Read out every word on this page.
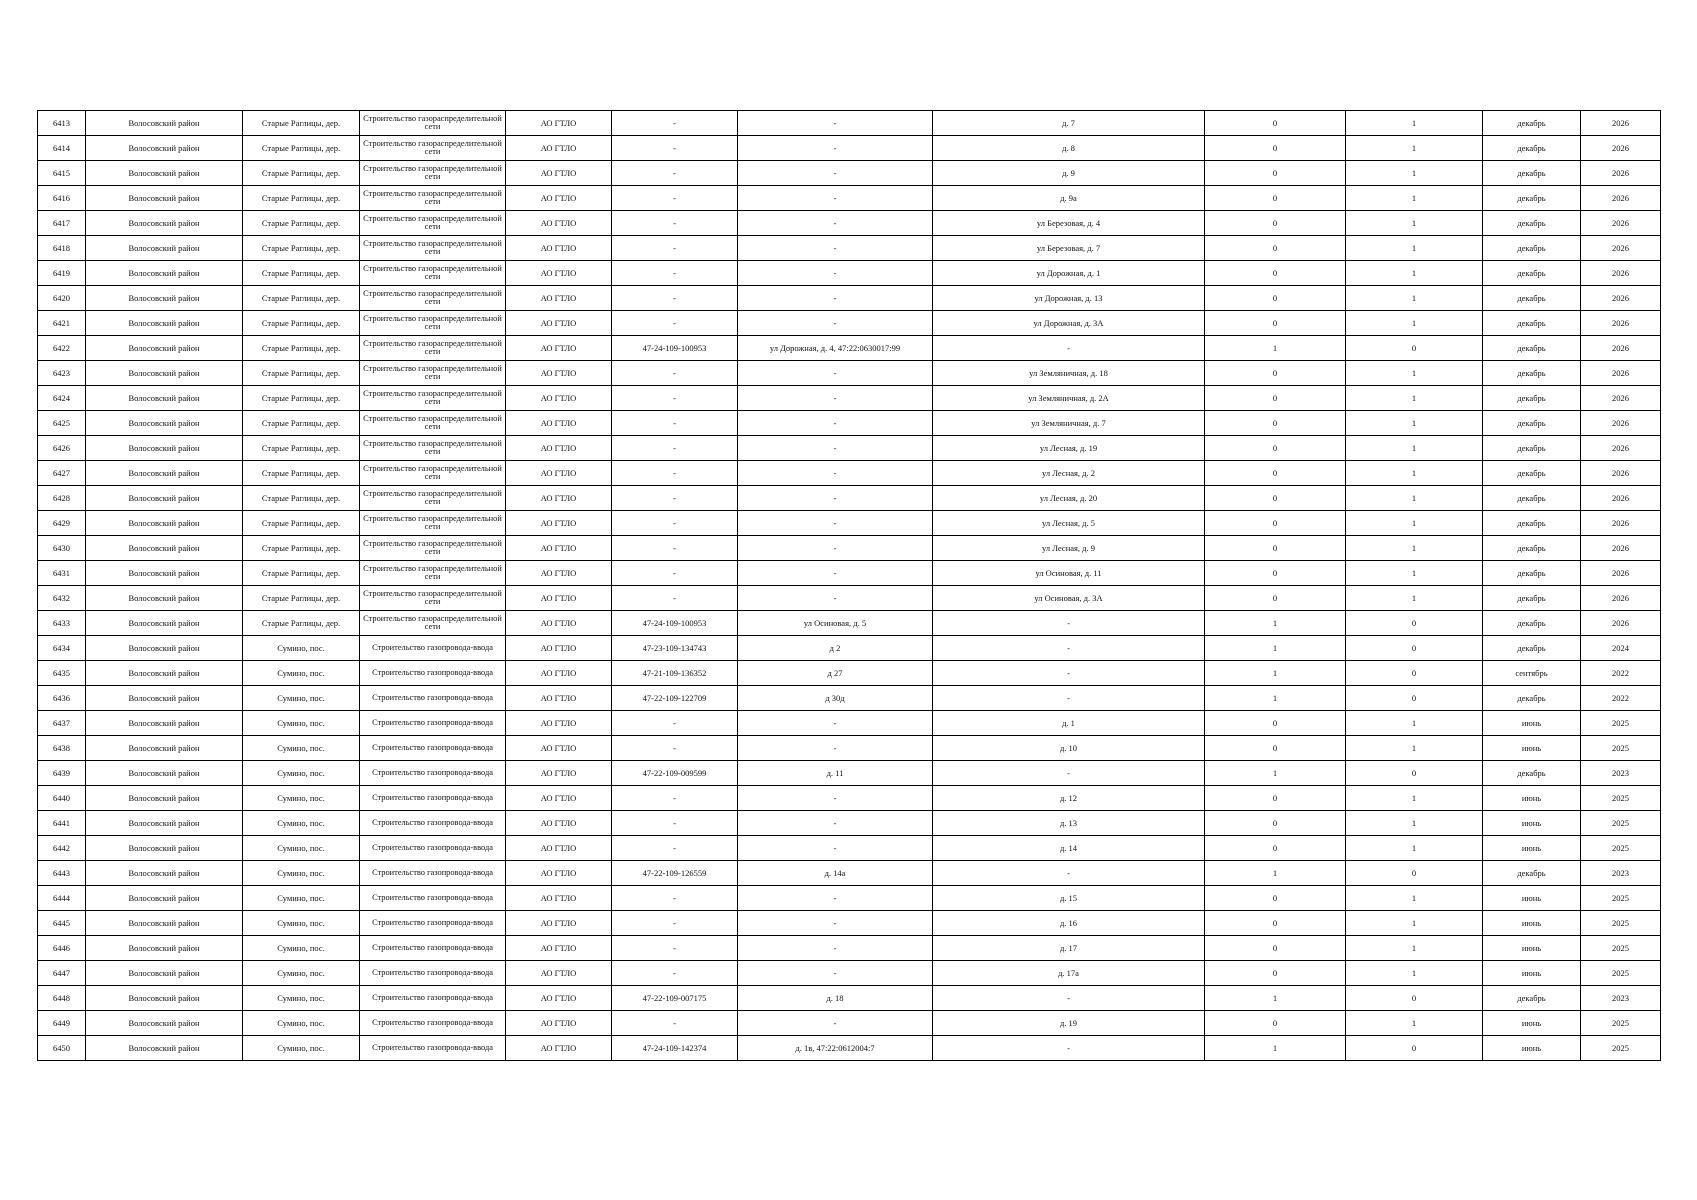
6413	Волосовский район	Старые Раглицы, дер.	Строительство газораспределительной сети	АО ГТЛО	-	-	д. 7	0	1	декабрь	2026
6414	Волосовский район	Старые Раглицы, дер.	Строительство газораспределительной сети	АО ГТЛО	-	-	д. 8	0	1	декабрь	2026
6415	Волосовский район	Старые Раглицы, дер.	Строительство газораспределительной сети	АО ГТЛО	-	-	д. 9	0	1	декабрь	2026
6416	Волосовский район	Старые Раглицы, дер.	Строительство газораспределительной сети	АО ГТЛО	-	-	д. 9а	0	1	декабрь	2026
6417	Волосовский район	Старые Раглицы, дер.	Строительство газораспределительной сети	АО ГТЛО	-	-	ул Березовая, д. 4	0	1	декабрь	2026
6418	Волосовский район	Старые Раглицы, дер.	Строительство газораспределительной сети	АО ГТЛО	-	-	ул Березовая, д. 7	0	1	декабрь	2026
6419	Волосовский район	Старые Раглицы, дер.	Строительство газораспределительной сети	АО ГТЛО	-	-	ул Дорожная, д. 1	0	1	декабрь	2026
6420	Волосовский район	Старые Раглицы, дер.	Строительство газораспределительной сети	АО ГТЛО	-	-	ул Дорожная, д. 13	0	1	декабрь	2026
6421	Волосовский район	Старые Раглицы, дер.	Строительство газораспределительной сети	АО ГТЛО	-	-	ул Дорожная, д. 3А	0	1	декабрь	2026
6422	Волосовский район	Старые Раглицы, дер.	Строительство газораспределительной сети	АО ГТЛО	47-24-109-100953	ул Дорожная, д. 4, 47:22:0630017:99	-	1	0	декабрь	2026
6423	Волосовский район	Старые Раглицы, дер.	Строительство газораспределительной сети	АО ГТЛО	-	-	ул Земляничная, д. 18	0	1	декабрь	2026
6424	Волосовский район	Старые Раглицы, дер.	Строительство газораспределительной сети	АО ГТЛО	-	-	ул Земляничная, д. 2А	0	1	декабрь	2026
6425	Волосовский район	Старые Раглицы, дер.	Строительство газораспределительной сети	АО ГТЛО	-	-	ул Земляничная, д. 7	0	1	декабрь	2026
6426	Волосовский район	Старые Раглицы, дер.	Строительство газораспределительной сети	АО ГТЛО	-	-	ул Лесная, д. 19	0	1	декабрь	2026
6427	Волосовский район	Старые Раглицы, дер.	Строительство газораспределительной сети	АО ГТЛО	-	-	ул Лесная, д. 2	0	1	декабрь	2026
6428	Волосовский район	Старые Раглицы, дер.	Строительство газораспределительной сети	АО ГТЛО	-	-	ул Лесная, д. 20	0	1	декабрь	2026
6429	Волосовский район	Старые Раглицы, дер.	Строительство газораспределительной сети	АО ГТЛО	-	-	ул Лесная, д. 5	0	1	декабрь	2026
6430	Волосовский район	Старые Раглицы, дер.	Строительство газораспределительной сети	АО ГТЛО	-	-	ул Лесная, д. 9	0	1	декабрь	2026
6431	Волосовский район	Старые Раглицы, дер.	Строительство газораспределительной сети	АО ГТЛО	-	-	ул Осиновая, д. 11	0	1	декабрь	2026
6432	Волосовский район	Старые Раглицы, дер.	Строительство газораспределительной сети	АО ГТЛО	-	-	ул Осиновая, д. 3А	0	1	декабрь	2026
6433	Волосовский район	Старые Раглицы, дер.	Строительство газораспределительной сети	АО ГТЛО	47-24-109-100953	ул Осиновая, д. 5	-	1	0	декабрь	2026
6434	Волосовский район	Сумино, пос.	Строительство газопровода-ввода	АО ГТЛО	47-23-109-134743	д 2	-	1	0	декабрь	2024
6435	Волосовский район	Сумино, пос.	Строительство газопровода-ввода	АО ГТЛО	47-21-109-136352	д 27	-	1	0	сентябрь	2022
6436	Волосовский район	Сумино, пос.	Строительство газопровода-ввода	АО ГТЛО	47-22-109-122709	д 30д	-	1	0	декабрь	2022
6437	Волосовский район	Сумино, пос.	Строительство газопровода-ввода	АО ГТЛО	-	-	д. 1	0	1	июнь	2025
6438	Волосовский район	Сумино, пос.	Строительство газопровода-ввода	АО ГТЛО	-	-	д. 10	0	1	июнь	2025
6439	Волосовский район	Сумино, пос.	Строительство газопровода-ввода	АО ГТЛО	47-22-109-009599	д. 11	-	1	0	декабрь	2023
6440	Волосовский район	Сумино, пос.	Строительство газопровода-ввода	АО ГТЛО	-	-	д. 12	0	1	июнь	2025
6441	Волосовский район	Сумино, пос.	Строительство газопровода-ввода	АО ГТЛО	-	-	д. 13	0	1	июнь	2025
6442	Волосовский район	Сумино, пос.	Строительство газопровода-ввода	АО ГТЛО	-	-	д. 14	0	1	июнь	2025
6443	Волосовский район	Сумино, пос.	Строительство газопровода-ввода	АО ГТЛО	47-22-109-126559	д. 14а	-	1	0	декабрь	2023
6444	Волосовский район	Сумино, пос.	Строительство газопровода-ввода	АО ГТЛО	-	-	д. 15	0	1	июнь	2025
6445	Волосовский район	Сумино, пос.	Строительство газопровода-ввода	АО ГТЛО	-	-	д. 16	0	1	июнь	2025
6446	Волосовский район	Сумино, пос.	Строительство газопровода-ввода	АО ГТЛО	-	-	д. 17	0	1	июнь	2025
6447	Волосовский район	Сумино, пос.	Строительство газопровода-ввода	АО ГТЛО	-	-	д. 17а	0	1	июнь	2025
6448	Волосовский район	Сумино, пос.	Строительство газопровода-ввода	АО ГТЛО	47-22-109-007175	д. 18	-	1	0	декабрь	2023
6449	Волосовский район	Сумино, пос.	Строительство газопровода-ввода	АО ГТЛО	-	-	д. 19	0	1	июнь	2025
6450	Волосовский район	Сумино, пос.	Строительство газопровода-ввода	АО ГТЛО	47-24-109-142374	д. 1в, 47:22:0612004:7	-	1	0	июнь	2025
